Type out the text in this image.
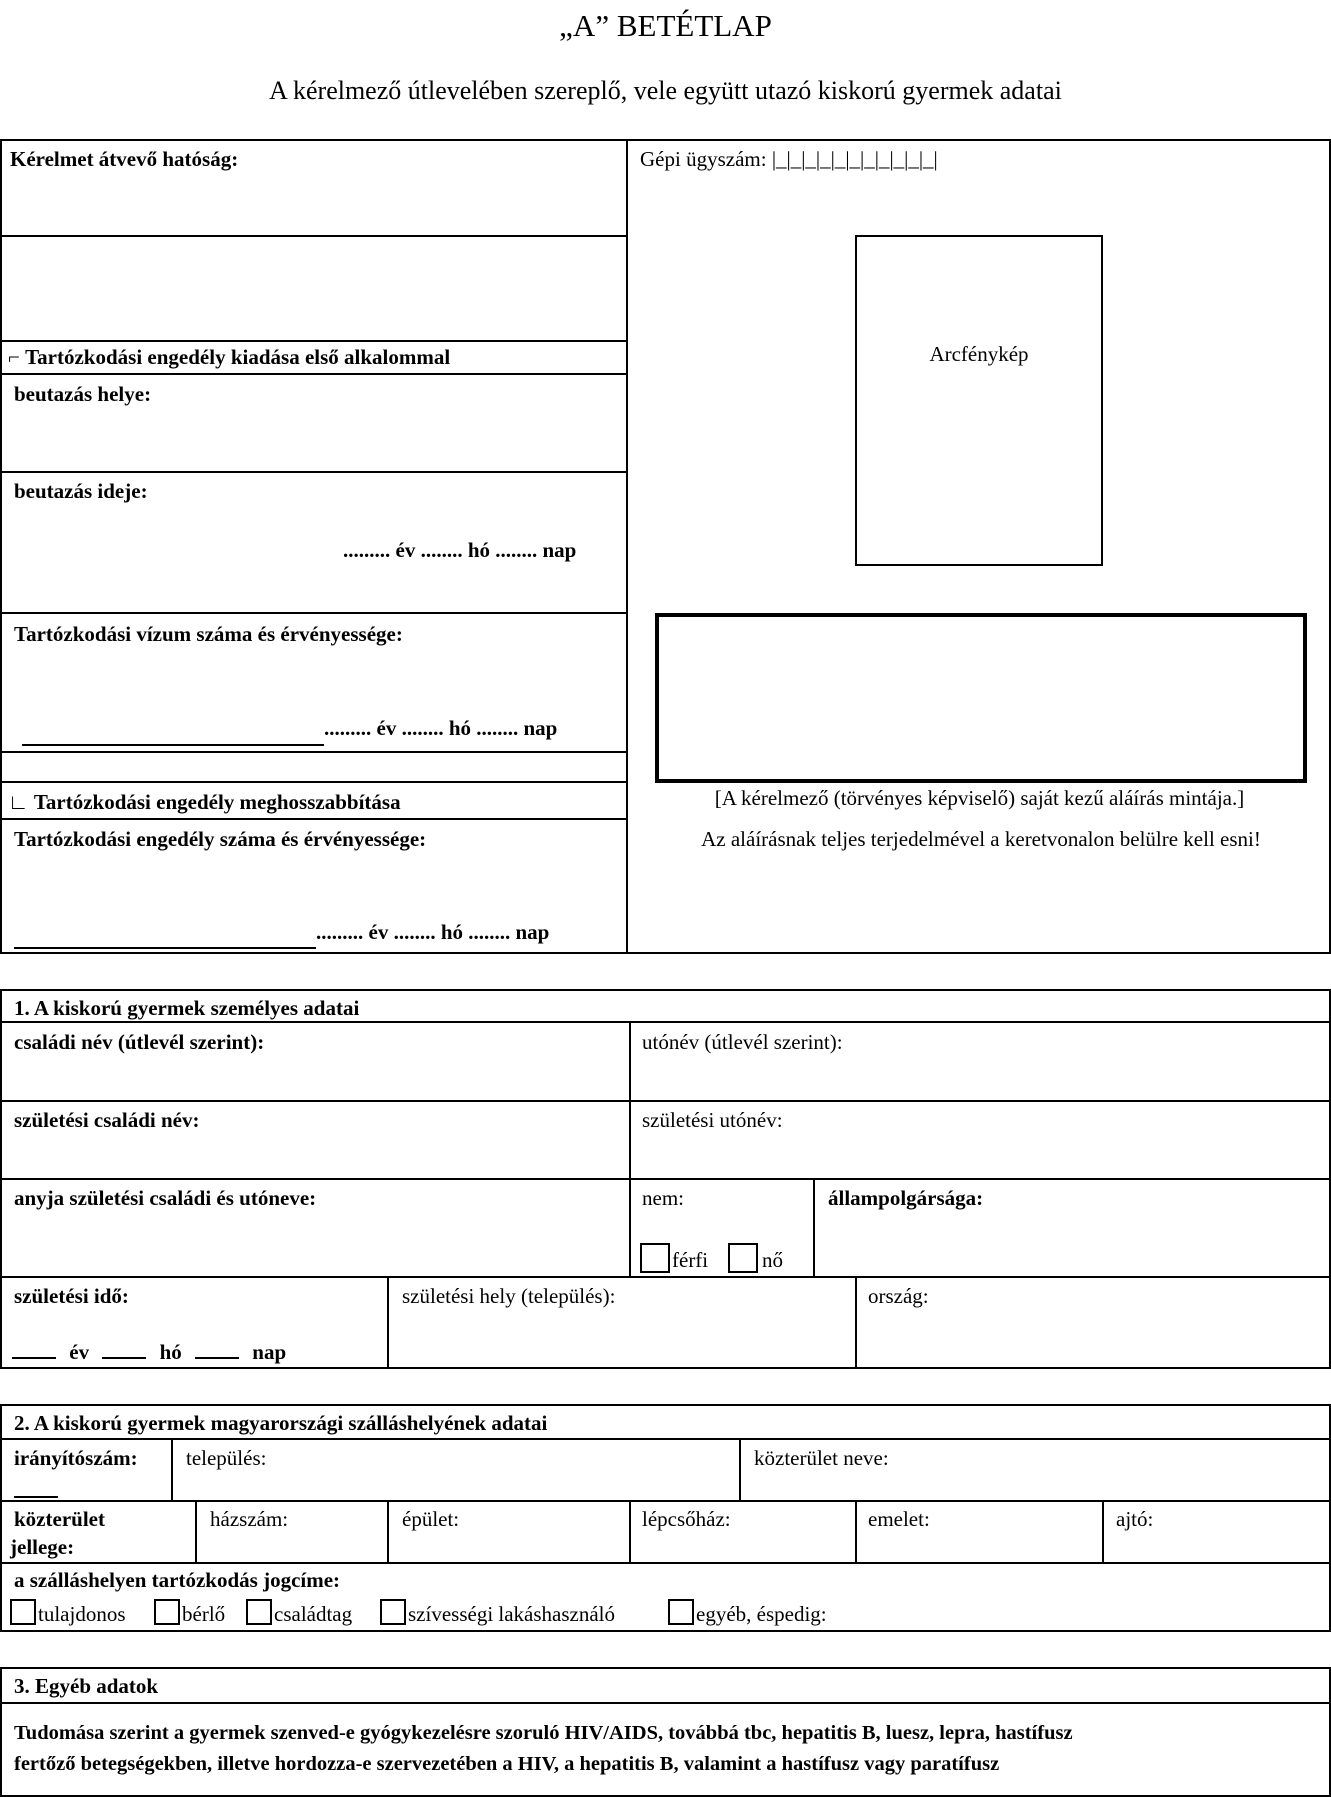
„A” BETÉTLAP
A kérelmező útlevelében szereplő, vele együtt utazó kiskorú gyermek adatai
Kérelmet átvevő hatóság:
⌐ Tartózkodási engedély kiadása első alkalommal
beutazás helye:
beutazás ideje:
......... év ........ hó ........ nap
Tartózkodási vízum száma és érvényessége:
......... év ........ hó ........ nap
∟ Tartózkodási engedély meghosszabbítása
Tartózkodási engedély száma és érvényessége:
......... év ........ hó ........ nap
Gépi ügyszám: |_|_|_|_|_|_|_|_|_|_|_|
Arcfénykép
[A kérelmező (törvényes képviselő) saját kezű aláírás mintája.]
Az aláírásnak teljes terjedelmével a keretvonalon belülre kell esni!
1. A kiskorú gyermek személyes adatai
családi név (útlevél szerint):	utónév (útlevél szerint):
születési családi név:	születési utónév:
anyja születési családi és utóneve:	nem:
férfi	nő
állampolgársága:
születési idő:
év	hó	nap
születési hely (település):	ország:
2. A kiskorú gyermek magyarországi szálláshelyének adatai
irányítószám: település:	közterület neve:
közterület
jellege:
házszám:	épület:	lépcsőház:	emelet:	ajtó:
a szálláshelyen tartózkodás jogcíme:
tulajdonos	bérlő családtag	szívességi lakáshasználó	egyéb, éspedig:
3. Egyéb adatok
Tudomása szerint a gyermek szenved-e gyógykezelésre szoruló HIV/AIDS, továbbá tbc, hepatitis B, luesz, lepra, hastífusz
fertőző betegségekben, illetve hordozza-e szervezetében a HIV, a hepatitis B, valamint a hastífusz vagy paratífusz
